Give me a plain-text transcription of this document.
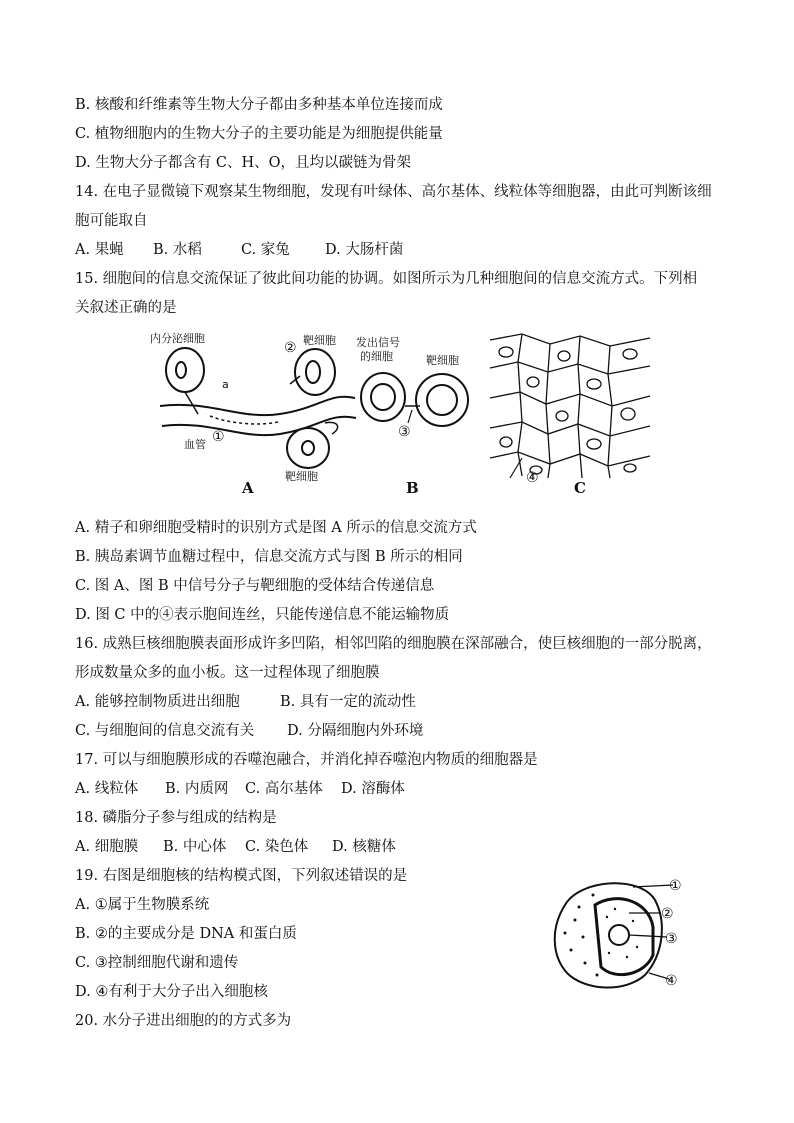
B. 核酸和纤维素等生物大分子都由多种基本单位连接而成
C. 植物细胞内的生物大分子的主要功能是为细胞提供能量
D. 生物大分子都含有 C、H、O，且均以碳链为骨架
14. 在电子显微镜下观察某生物细胞，发现有叶绿体、高尔基体、线粒体等细胞器，由此可判断该细
胞可能取自
A. 果蝇 B. 水稻	C. 家兔 D. 大肠杆菌
15. 细胞间的信息交流保证了彼此间功能的协调。如图所示为几种细胞间的信息交流方式。下列相
关叙述正确的是
内分泌细胞	靶细胞
a
血管
靶细胞
发出信号
的细胞	靶细胞
①
②
③
④
A	B	C
A. 精子和卵细胞受精时的识别方式是图 A 所示的信息交流方式
B. 胰岛素调节血糖过程中，信息交流方式与图 B 所示的相同
C. 图 A、图 B 中信号分子与靶细胞的受体结合传递信息
D. 图 C 中的④表示胞间连丝，只能传递信息不能运输物质
16. 成熟巨核细胞膜表面形成许多凹陷，相邻凹陷的细胞膜在深部融合，使巨核细胞的一部分脱离，
形成数量众多的血小板。这一过程体现了细胞膜
A. 能够控制物质进出细胞	B. 具有一定的流动性
C. 与细胞间的信息交流有关 D. 分隔细胞内外环境
17. 可以与细胞膜形成的吞噬泡融合，并消化掉吞噬泡内物质的细胞器是
A. 线粒体 B. 内质网 C. 高尔基体 D. 溶酶体
18. 磷脂分子参与组成的结构是
A. 细胞膜 B. 中心体 C. 染色体 D. 核糖体
19. 右图是细胞核的结构模式图，下列叙述错误的是
A. ①属于生物膜系统
B. ②的主要成分是 DNA 和蛋白质
C. ③控制细胞代谢和遗传
D. ④有利于大分子出入细胞核
20. 水分子进出细胞的的方式多为
①
②
③
④
